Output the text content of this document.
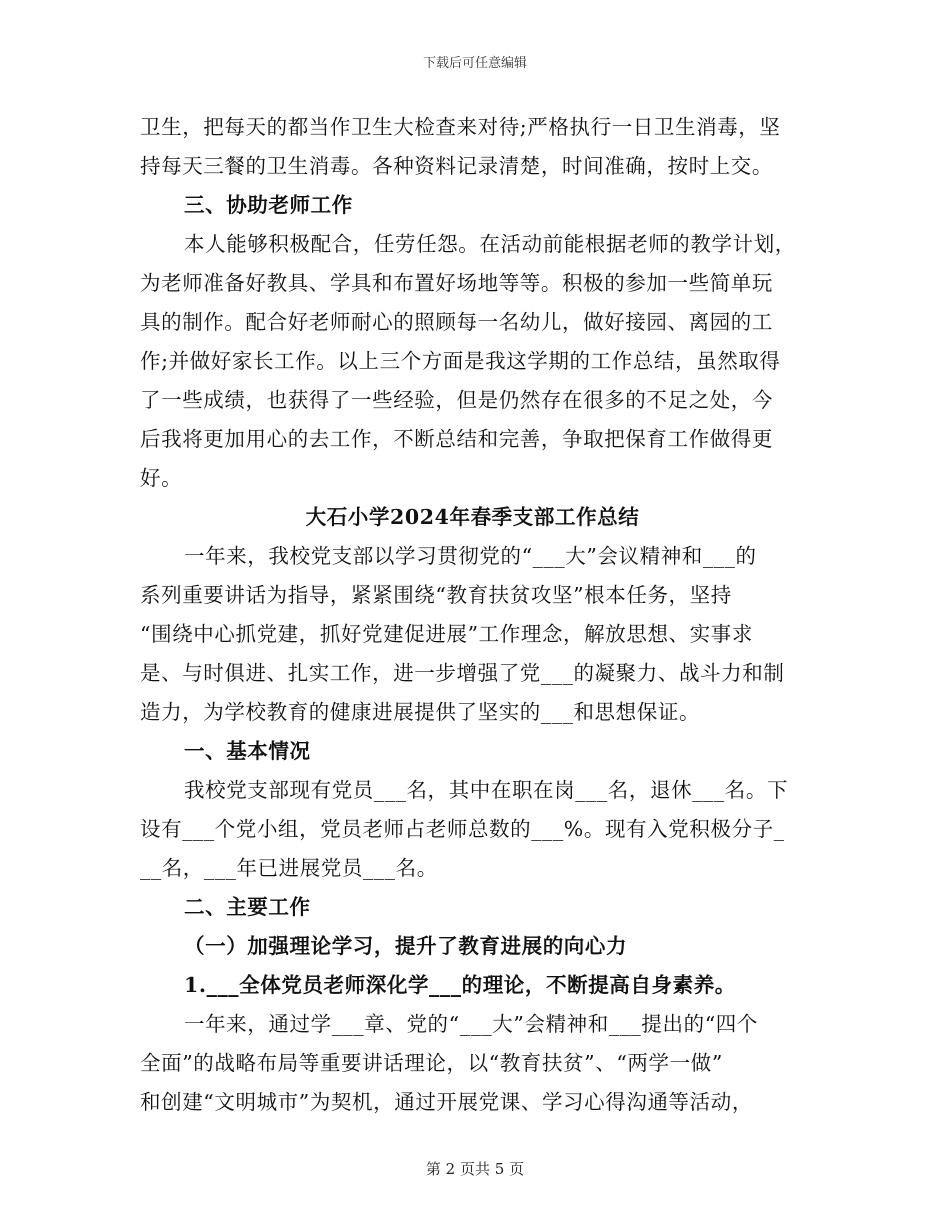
下载后可任意编辑
卫生，把每天的都当作卫生大检查来对待;严格执行一日卫生消毒，坚
持每天三餐的卫生消毒。各种资料记录清楚，时间准确，按时上交。
三、协助老师工作
本人能够积极配合，任劳任怨。在活动前能根据老师的教学计划，
为老师准备好教具、学具和布置好场地等等。积极的参加一些简单玩
具的制作。配合好老师耐心的照顾每一名幼儿，做好接园、离园的工
作;并做好家长工作。以上三个方面是我这学期的工作总结，虽然取得
了一些成绩，也获得了一些经验，但是仍然存在很多的不足之处，今
后我将更加用心的去工作，不断总结和完善，争取把保育工作做得更
好。
大石小学2024年春季支部工作总结
一年来，我校党支部以学习贯彻党的“___大”会议精神和___的
系列重要讲话为指导，紧紧围绕“教育扶贫攻坚”根本任务，坚持
“围绕中心抓党建，抓好党建促进展”工作理念，解放思想、实事求
是、与时俱进、扎实工作，进一步增强了党___的凝聚力、战斗力和制
造力，为学校教育的健康进展提供了坚实的___和思想保证。
一、基本情况
我校党支部现有党员___名，其中在职在岗___名，退休___名。下
设有___个党小组，党员老师占老师总数的___%。现有入党积极分子_
__名，___年已进展党员___名。
二、主要工作
（一）加强理论学习，提升了教育进展的向心力
1.___全体党员老师深化学___的理论，不断提高自身素养。
一年来，通过学___章、党的“___大”会精神和___提出的“四个
全面”的战略布局等重要讲话理论，以“教育扶贫”、“两学一做”
和创建“文明城市”为契机，通过开展党课、学习心得沟通等活动，
第 2 页共 5 页
